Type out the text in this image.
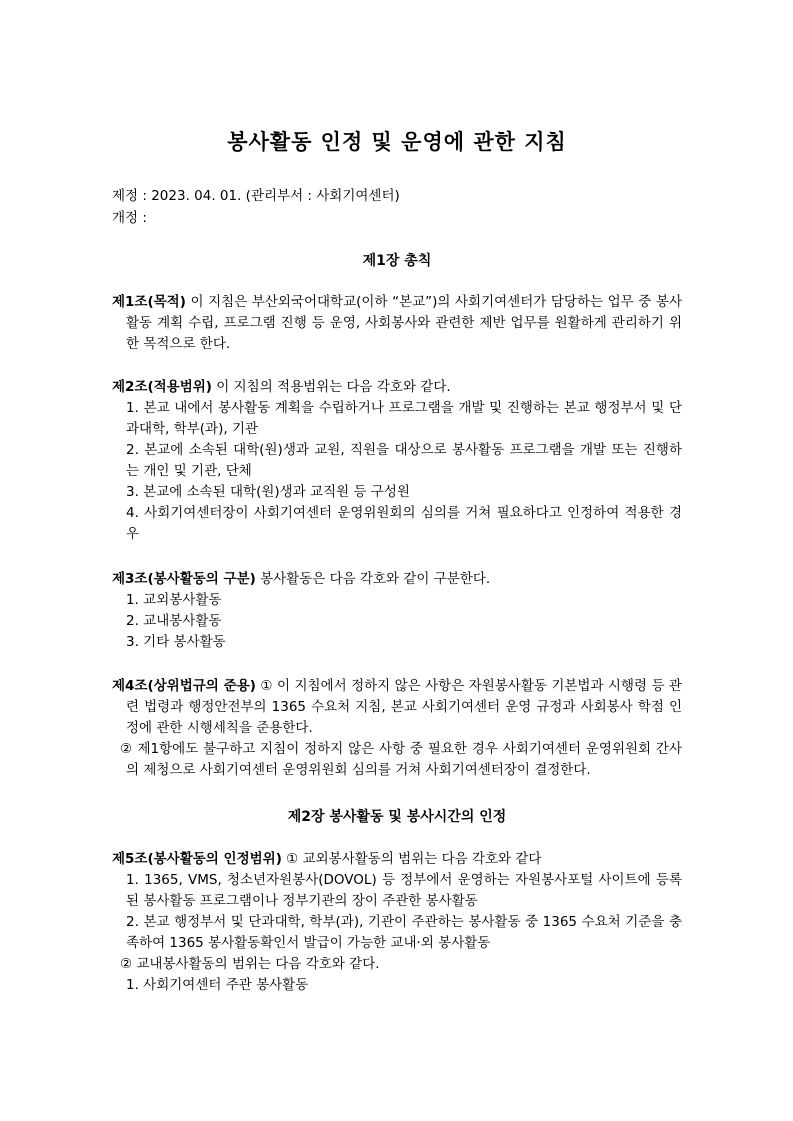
봉사활동 인정 및 운영에 관한 지침
제정 : 2023. 04. 01. (관리부서 : 사회기여센터)
개정 :
제1장 총칙

제1조(목적) 이 지침은 부산외국어대학교(이하 “본교”)의 사회기여센터가 담당하는 업무 중 봉사활동 계획 수립, 프로그램 진행 등 운영, 사회봉사와 관련한 제반 업무를 원활하게 관리하기 위한 목적으로 한다.

제2조(적용범위) 이 지침의 적용범위는 다음 각호와 같다.

1. 본교 내에서 봉사활동 계획을 수립하거나 프로그램을 개발 및 진행하는 본교 행정부서 및 단과대학, 학부(과), 기관

2. 본교에 소속된 대학(원)생과 교원, 직원을 대상으로 봉사활동 프로그램을 개발 또는 진행하는 개인 및 기관, 단체

3. 본교에 소속된 대학(원)생과 교직원 등 구성원

4. 사회기여센터장이 사회기여센터 운영위원회의 심의를 거쳐 필요하다고 인정하여 적용한 경우

제3조(봉사활동의 구분) 봉사활동은 다음 각호와 같이 구분한다.

1. 교외봉사활동

2. 교내봉사활동

3. 기타 봉사활동

제4조(상위법규의 준용) ① 이 지침에서 정하지 않은 사항은 자원봉사활동 기본법과 시행령 등 관련 법령과 행정안전부의 1365 수요처 지침, 본교 사회기여센터 운영 규정과 사회봉사 학점 인정에 관한 시행세칙을 준용한다.

② 제1항에도 불구하고 지침이 정하지 않은 사항 중 필요한 경우 사회기여센터 운영위원회 간사의 제청으로 사회기여센터 운영위원회 심의를 거쳐 사회기여센터장이 결정한다.

제2장 봉사활동 및 봉사시간의 인정

제5조(봉사활동의 인정범위) ① 교외봉사활동의 범위는 다음 각호와 같다

1. 1365, VMS, 청소년자원봉사(DOVOL) 등 정부에서 운영하는 자원봉사포털 사이트에 등록된 봉사활동 프로그램이나 정부기관의 장이 주관한 봉사활동

2. 본교 행정부서 및 단과대학, 학부(과), 기관이 주관하는 봉사활동 중 1365 수요처 기준을 충족하여 1365 봉사활동확인서 발급이 가능한 교내·외 봉사활동

② 교내봉사활동의 범위는 다음 각호와 같다.

1. 사회기여센터 주관 봉사활동
